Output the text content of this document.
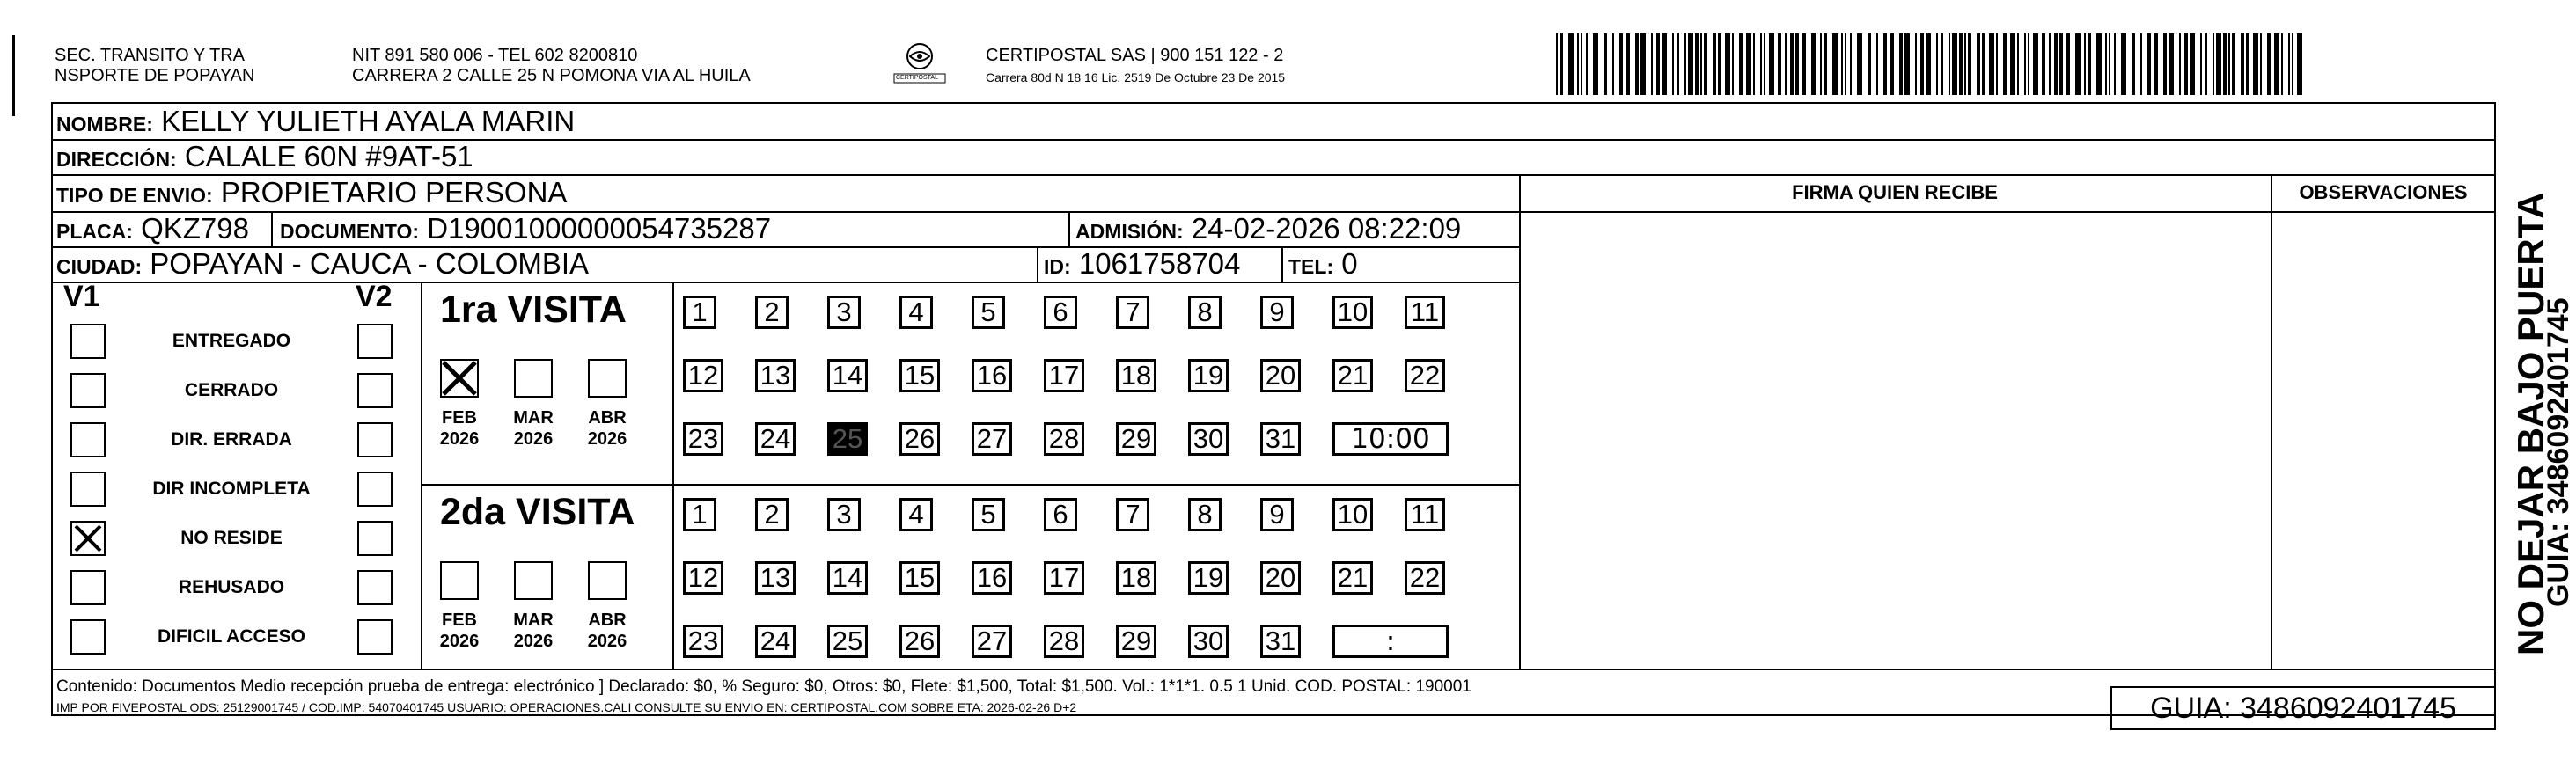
SEC. TRANSITO Y TRA
NSPORTE DE POPAYAN
NIT 891 580 006 - TEL 602 8200810
CARRERA 2 CALLE 25 N POMONA VIA AL HUILA	CERTIPOSTAL
CERTIPOSTAL SAS | 900 151 122 - 2
Carrera 80d N 18 16 Lic. 2519 De Octubre 23 De 2015
NOMBRE: KELLY YULIETH AYALA MARIN
DIRECCIÓN: CALALE 60N #9AT-51
TIPO DE ENVIO: PROPIETARIO PERSONA
PLACA: QKZ798 DOCUMENTO: D19001000000054735287	ADMISIÓN: 24-02-2026 08:22:09
CIUDAD: POPAYAN - CAUCA - COLOMBIA	ID: 1061758704 TEL: 0
FIRMA QUIEN RECIBE	OBSERVACIONES
V1	V2
ENTREGADO
CERRADO
DIR. ERRADA
DIR INCOMPLETA
NO RESIDE
REHUSADO
DIFICIL ACCESO
1ra VISITA
FEB
2026
MAR
2026
ABR
2026
1	2	3	4	5	6	7	8	9	10 11
12 13 14 15 16 17 18 19 20 21 22
23 24 25 26 27 28 29 30 31	10:00
2da VISITA
FEB
2026
MAR
2026
ABR
2026
1	2	3	4	5	6	7	8	9	10 11
12 13 14 15 16 17 18 19 20 21 22
23 24 25 26 27 28 29 30 31	:
Contenido: Documentos Medio recepción prueba de entrega: electrónico ] Declarado: $0, % Seguro: $0, Otros: $0, Flete: $1,500, Total: $1,500. Vol.: 1*1*1. 0.5 1 Unid. COD. POSTAL: 190001
IMP POR FIVEPOSTAL ODS: 25129001745 / COD.IMP: 54070401745 USUARIO: OPERACIONES.CALI CONSULTE SU ENVIO EN: CERTIPOSTAL.COM SOBRE ETA: 2026-02-26 D+2	GUIA: 3486092401745
NO DEJAR BAJO PUERTA
GUIA: 3486092401745
